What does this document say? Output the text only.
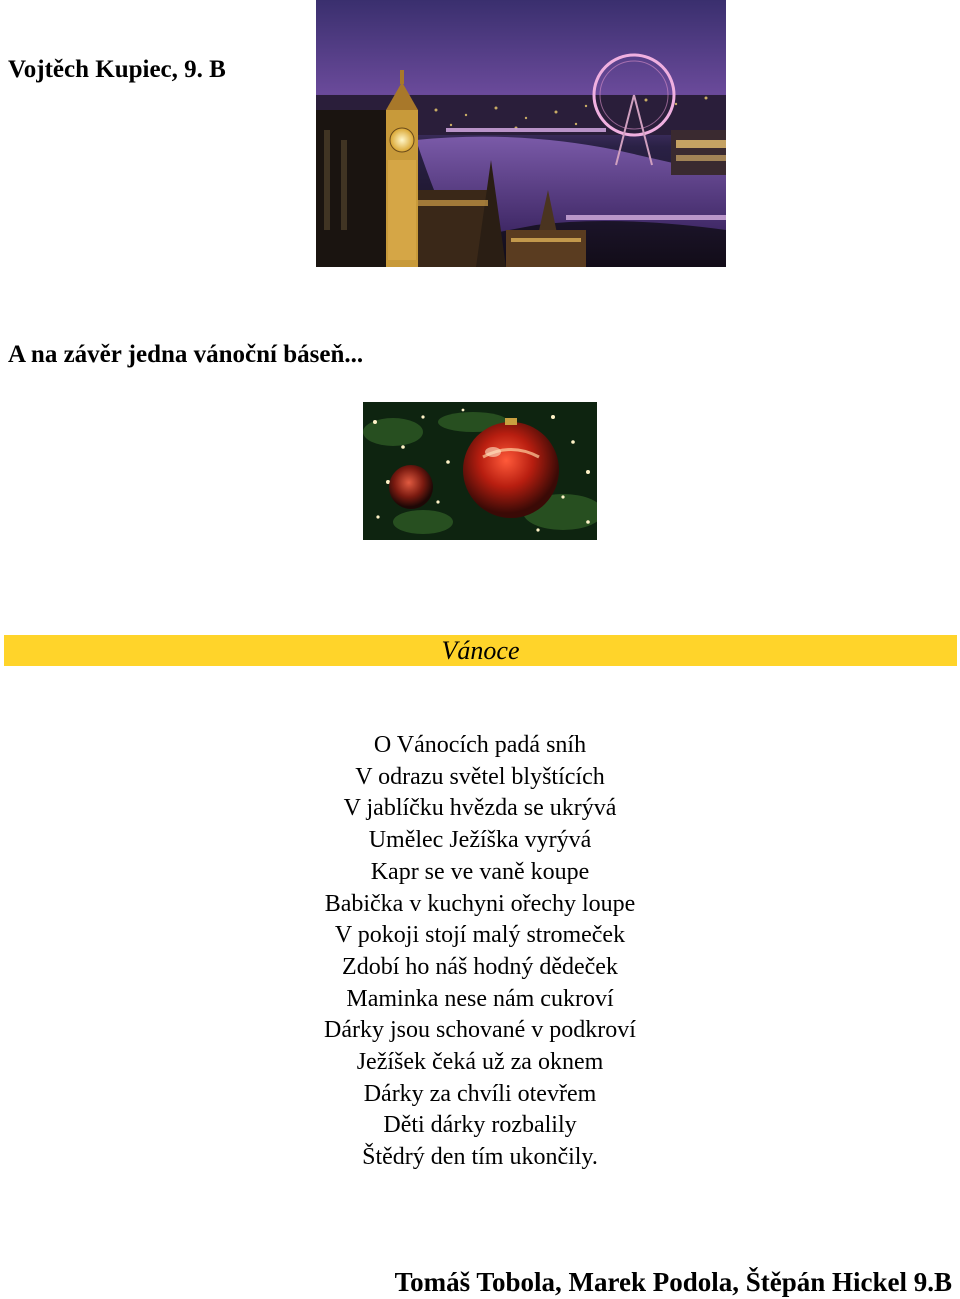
Vojtěch Kupiec, 9. B
A na závěr jedna vánoční báseň...
Vánoce
O Vánocích padá sníh
V odrazu světel blyštících
V jablíčku hvězda se ukrývá
Umělec Ježíška vyrývá
Kapr se ve vaně koupe
Babička v kuchyni ořechy loupe
V pokoji stojí malý stromeček
Zdobí ho náš hodný dědeček
Maminka nese nám cukroví
Dárky jsou schované v podkroví
Ježíšek čeká už za oknem
Dárky za chvíli otevřem
Děti dárky rozbalily
Štědrý den tím ukončily.
Tomáš Tobola, Marek Podola, Štěpán Hickel 9.B
